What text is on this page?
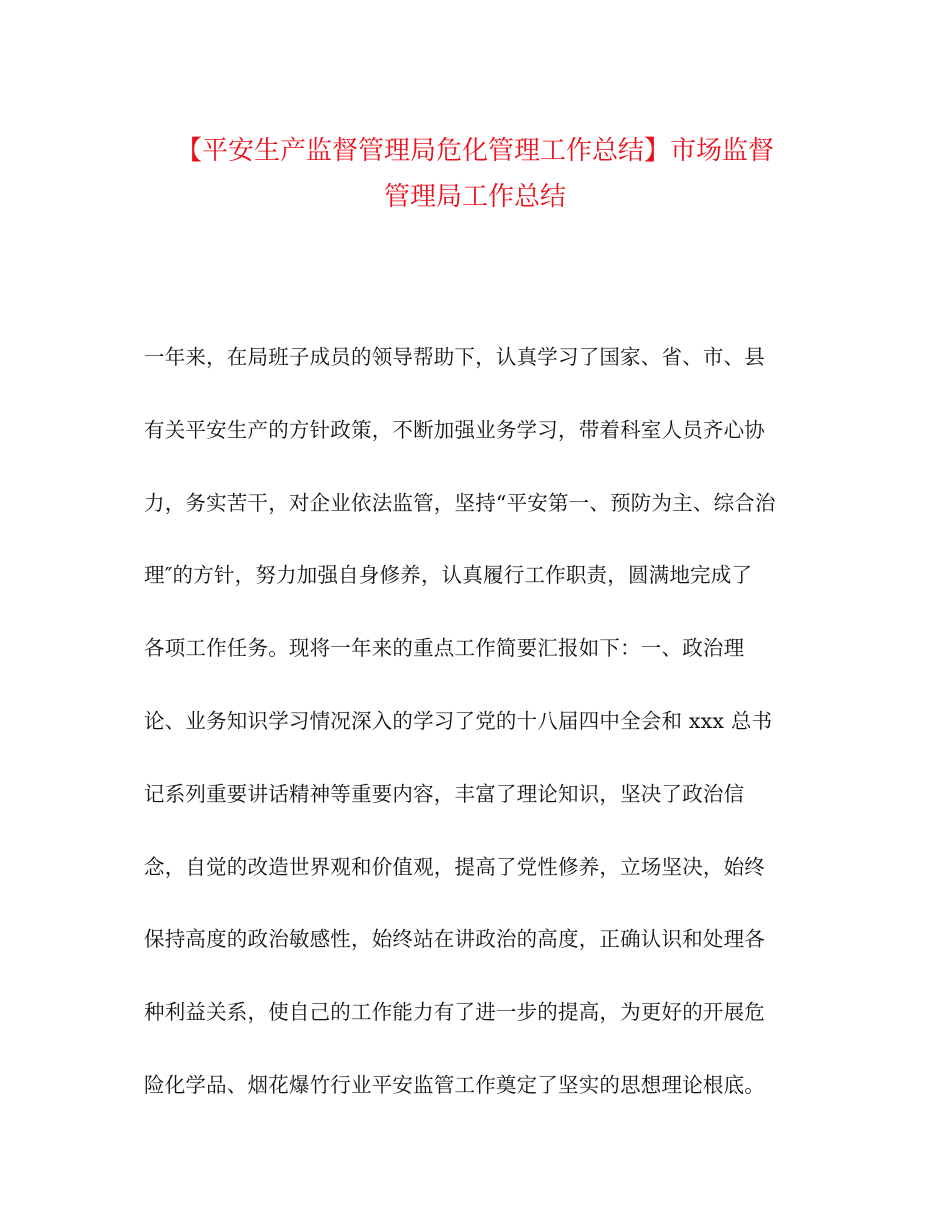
【平安生产监督管理局危化管理工作总结】市场监督
管理局工作总结
一年来，在局班子成员的领导帮助下，认真学习了国家、省、市、县
有关平安生产的方针政策，不断加强业务学习，带着科室人员齐心协
力，务实苦干，对企业依法监管，坚持“平安第一、预防为主、综合治
理″的方针，努力加强自身修养，认真履行工作职责，圆满地完成了
各项工作任务。现将一年来的重点工作简要汇报如下：一、政治理
论、业务知识学习情况深入的学习了党的十八届四中全会和 xxx 总书
记系列重要讲话精神等重要内容，丰富了理论知识，坚决了政治信
念，自觉的改造世界观和价值观，提高了党性修养，立场坚决，始终
保持高度的政治敏感性，始终站在讲政治的高度，正确认识和处理各
种利益关系，使自己的工作能力有了进一步的提高，为更好的开展危
险化学品、烟花爆竹行业平安监管工作奠定了坚实的思想理论根底。
